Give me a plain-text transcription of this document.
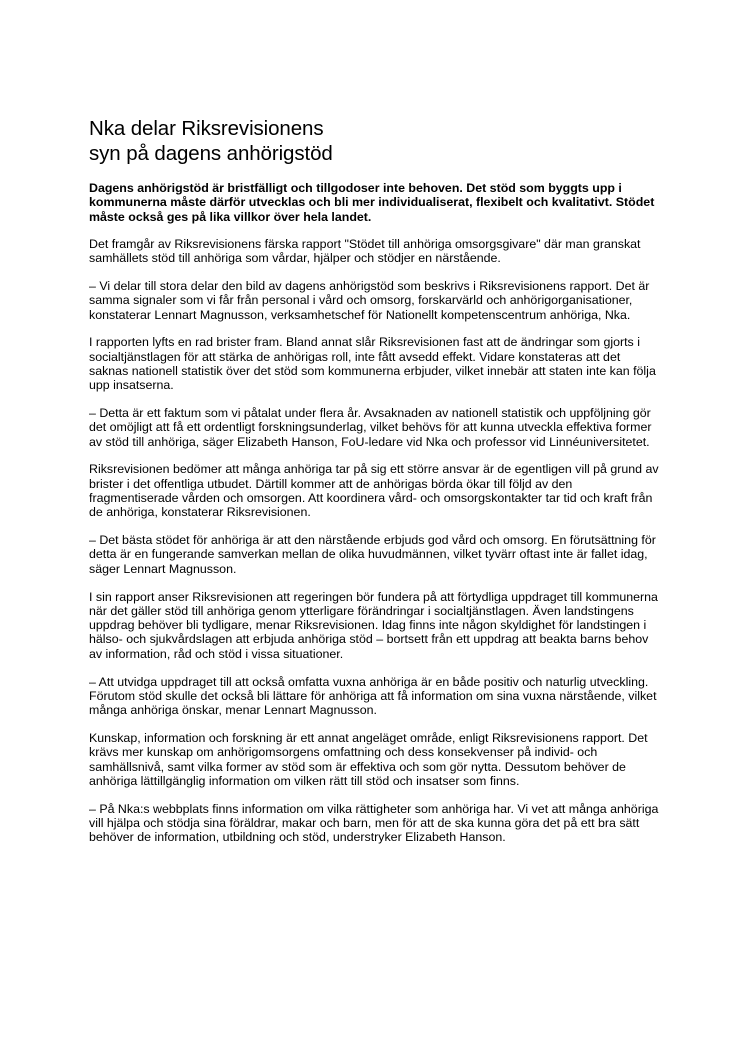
Nka delar Riksrevisionens
syn på dagens anhörigstöd

Dagens anhörigstöd är bristfälligt och tillgodoser inte behoven. Det stöd som byggts upp i kommunerna måste därför utvecklas och bli mer individualiserat, flexibelt och kvalitativt. Stödet måste också ges på lika villkor över hela landet.

Det framgår av Riksrevisionens färska rapport "Stödet till anhöriga omsorgsgivare" där man granskat samhällets stöd till anhöriga som vårdar, hjälper och stödjer en närstående.

– Vi delar till stora delar den bild av dagens anhörigstöd som beskrivs i Riksrevisionens rapport. Det är samma signaler som vi får från personal i vård och omsorg, forskarvärld och anhörigorganisationer, konstaterar Lennart Magnusson, verksamhetschef för Nationellt kompetenscentrum anhöriga, Nka.

I rapporten lyfts en rad brister fram. Bland annat slår Riksrevisionen fast att de ändringar som gjorts i socialtjänstlagen för att stärka de anhörigas roll, inte fått avsedd effekt. Vidare konstateras att det saknas nationell statistik över det stöd som kommunerna erbjuder, vilket innebär att staten inte kan följa upp insatserna.

– Detta är ett faktum som vi påtalat under flera år. Avsaknaden av nationell statistik och uppföljning gör det omöjligt att få ett ordentligt forskningsunderlag, vilket behövs för att kunna utveckla effektiva former av stöd till anhöriga, säger Elizabeth Hanson, FoU-ledare vid Nka och professor vid Linnéuniversitetet.

Riksrevisionen bedömer att många anhöriga tar på sig ett större ansvar är de egentligen vill på grund av brister i det offentliga utbudet. Därtill kommer att de anhörigas börda ökar till följd av den fragmentiserade vården och omsorgen. Att koordinera vård- och omsorgskontakter tar tid och kraft från de anhöriga, konstaterar Riksrevisionen.

– Det bästa stödet för anhöriga är att den närstående erbjuds god vård och omsorg. En förutsättning för detta är en fungerande samverkan mellan de olika huvudmännen, vilket tyvärr oftast inte är fallet idag, säger Lennart Magnusson.

I sin rapport anser Riksrevisionen att regeringen bör fundera på att förtydliga uppdraget till kommunerna när det gäller stöd till anhöriga genom ytterligare förändringar i socialtjänstlagen. Även landstingens uppdrag behöver bli tydligare, menar Riksrevisionen. Idag finns inte någon skyldighet för landstingen i hälso- och sjukvårdslagen att erbjuda anhöriga stöd – bortsett från ett uppdrag att beakta barns behov av information, råd och stöd i vissa situationer.

– Att utvidga uppdraget till att också omfatta vuxna anhöriga är en både positiv och naturlig utveckling. Förutom stöd skulle det också bli lättare för anhöriga att få information om sina vuxna närstående, vilket många anhöriga önskar, menar Lennart Magnusson.

Kunskap, information och forskning är ett annat angeläget område, enligt Riksrevisionens rapport. Det krävs mer kunskap om anhörigomsorgens omfattning och dess konsekvenser på individ- och samhällsnivå, samt vilka former av stöd som är effektiva och som gör nytta. Dessutom behöver de anhöriga lättillgänglig information om vilken rätt till stöd och insatser som finns.

– På Nka:s webbplats finns information om vilka rättigheter som anhöriga har. Vi vet att många anhöriga vill hjälpa och stödja sina föräldrar, makar och barn, men för att de ska kunna göra det på ett bra sätt behöver de information, utbildning och stöd, understryker Elizabeth Hanson.
